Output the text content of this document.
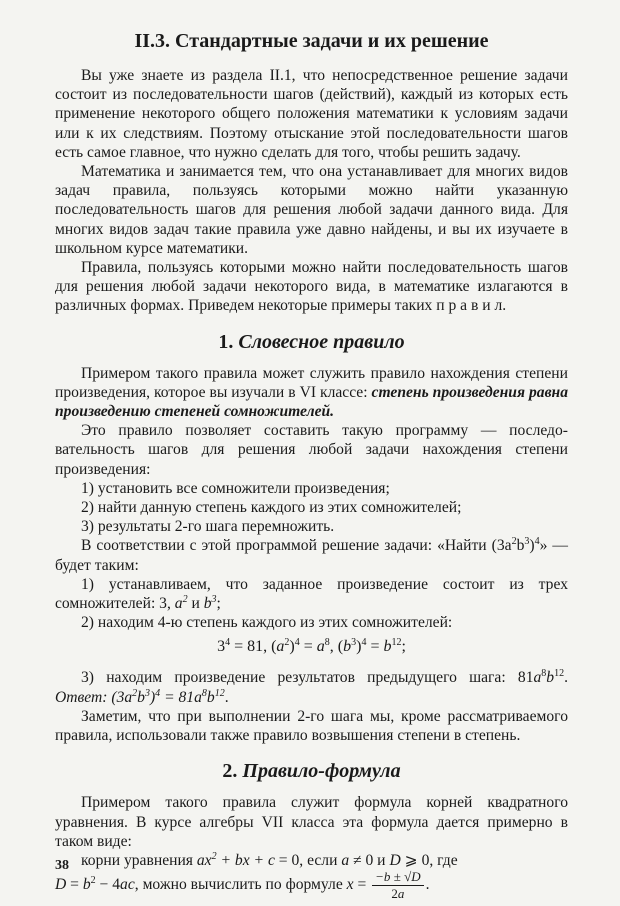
II.3. Стандартные задачи и их решение

Вы уже знаете из раздела II.1, что непосредственное решение задачи состоит из последовательности шагов (действий), каждый из которых есть применение некоторого общего положения математики к условиям задачи или к их следствиям. Поэтому отыскание этой последовательности шагов есть самое главное, что нужно сделать для того, чтобы решить задачу.

Математика и занимается тем, что она устанавливает для многих видов задач правила, пользуясь которыми можно найти указанную последовательность шагов для решения любой задачи данного вида. Для многих видов задач такие правила уже давно найдены, и вы их изучаете в школьном курсе математики.

Правила, пользуясь которыми можно найти последовательность шагов для решения любой задачи некоторого вида, в математике излагаются в различных формах. Приведем некоторые примеры таких п р а в и л.

1. Словесное правило

Примером такого правила может служить правило нахождения степени произведения, которое вы изучали в VI классе: степень произведения равна произведению степеней сомножителей.

Это правило позволяет составить такую программу — последовательность шагов для решения любой задачи нахождения степени произведения:

1) установить все сомножители произведения;

2) найти данную степень каждого из этих сомножителей;

3) результаты 2-го шага перемножить.

В соответствии с этой программой решение задачи: «Найти $(3a^2b^3)^4$» — будет таким:

1) устанавливаем, что заданное произведение состоит из трех сомножителей: 3, $a^2$ и $b^3$;

2) находим 4-ю степень каждого из этих сомножителей:

$3^4 = 81$, $(a^2)^4 = a^8$, $(b^3)^4 = b^{12}$;

3) находим произведение результатов предыдущего шага: $81a^8b^{12}$. Ответ: $(3a^2b^3)^4 = 81a^8b^{12}$.

Заметим, что при выполнении 2-го шага мы, кроме рассматриваемого правила, использовали также правило возвышения степени в степень.

2. Правило-формула

Примером такого правила служит формула корней квадратного уравнения. В курсе алгебры VII класса эта формула дается примерно в таком виде:

корни уравнения $ax^2$ + bx + c = 0, если a ≠ 0 и D ⩾ 0, где

$D = b^2 - 4ac$, можно вычислить по формуле $x = \frac{-b \pm √D}{2a}$ .

38
